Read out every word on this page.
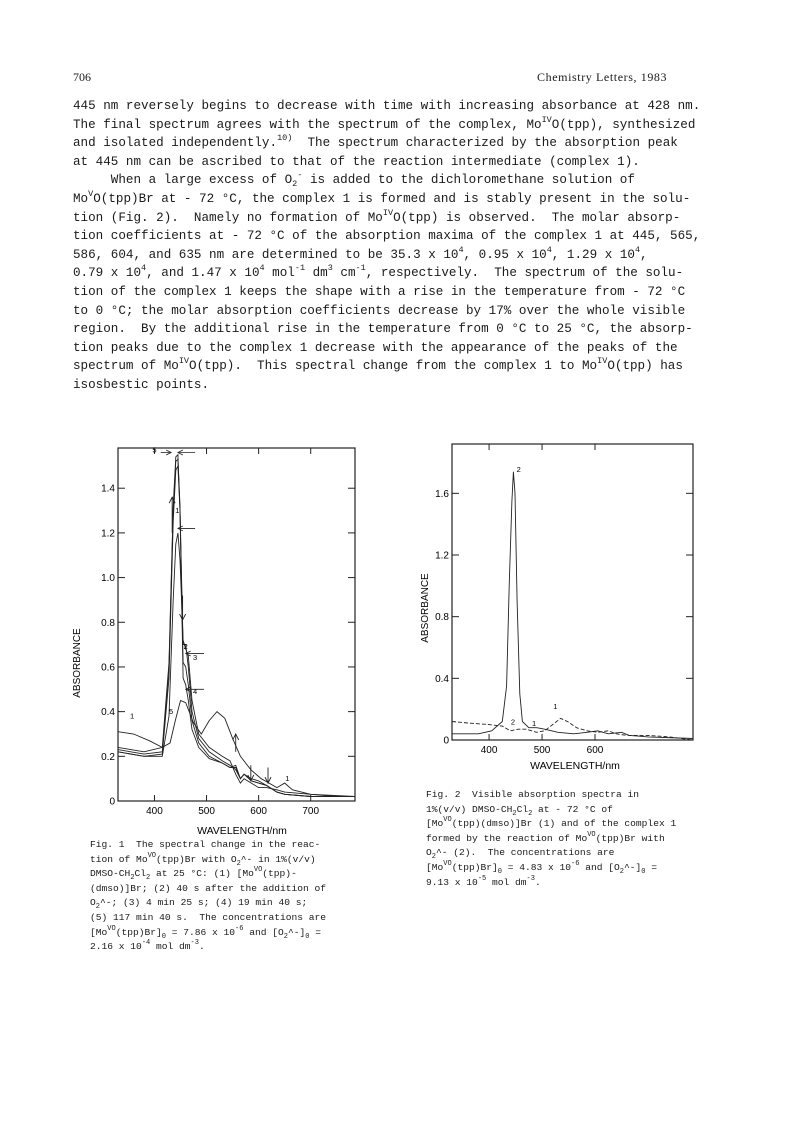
706	Chemistry Letters, 1983
445 nm reversely begins to decrease with time with increasing absorbance at 428 nm.
The final spectrum agrees with the spectrum of the complex, $Mo^{IV}O(tpp)$, synthesized
and isolated independently.$^{10)}$  The spectrum characterized by the absorption peak
at 445 nm can be ascribed to that of the reaction intermediate (complex 1).
When a large excess of $O_2^-$ is added to the dichloromethane solution of
$Mo^VO(tpp)Br$ at - 72 °C, the complex 1 is formed and is stably present in the solu-
tion (Fig. 2).  Namely no formation of $Mo^{IV}O(tpp)$ is observed.  The molar absorp-
tion coefficients at - 72 °C of the absorption maxima of the complex 1 at 445, 565,
586, 604, and 635 nm are determined to be 35.3 x $10^4$, 0.95 x $10^4$, 1.29 x $10^4$,
0.79 x $10^4$, and 1.47 x $10^4$ mol$^{-1}$ $dm^3$ $cm^{-1}$, respectively.  The spectrum of the solu-
tion of the complex 1 keeps the shape with a rise in the temperature from - 72 °C
to 0 °C; the molar absorption coefficients decrease by 17% over the whole visible
region.  By the additional rise in the temperature from 0 °C to 25 °C, the absorp-
tion peaks due to the complex 1 decrease with the appearance of the peaks of the
spectrum of $Mo^{IV}O(tpp)$.  This spectral change from the complex 1 to $Mo^{IV}O(tpp)$ has
isosbestic points.
ABSORBANCE
WAVELENGTH/nm
400	500	600	700
0
0.2
0.4
0.6
0.8
1.0
1.2
1.4
1
2
3
4
5
1	5
1
ABSORBANCE
WAVELENGTH/nm
400	500	600
0
0.4
0.8
1.2
1.6
2
1
2 1
Fig. 1  The spectral change in the reac-
tion of $Mo^{VO}(tpp)Br$ with $O_2\^{}-$ in 1%(v/v)
DMSO-$CH_2Cl_2$ at 25 °C: (1) [$Mo^{VO}(tpp)-$
(dmso)]Br; (2) 40 s after the addition of
$O_2\^{}-$; (3) 4 min 25 s; (4) 19 min 40 s;
(5) 117 min 40 s.  The concentrations are
$[Mo^{VO}(tpp)Br]_0 = 7.86$ x $10^{-6}$ and $[O_2\^{}-]_0$ =
2.16 x $10^{-4}$ mol $dm^{-3}$.
Fig. 2  Visible absorption spectra in
1%(v/v) DMSO-$CH_2Cl_2$ at - 72 °C of
$[Mo^{VO}(tpp)(dmso)]Br$ (1) and of the complex 1
formed by the reaction of $Mo^{VO}(tpp)Br$ with
$O_2\^{}-$ (2).  The concentrations are
$[Mo^{VO}(tpp)Br]_0 = 4.83$ x $10^{-6}$ and $[O_2\^{}-]_0$ =
9.13 x $10^{-5}$ mol $dm^{-3}$.
